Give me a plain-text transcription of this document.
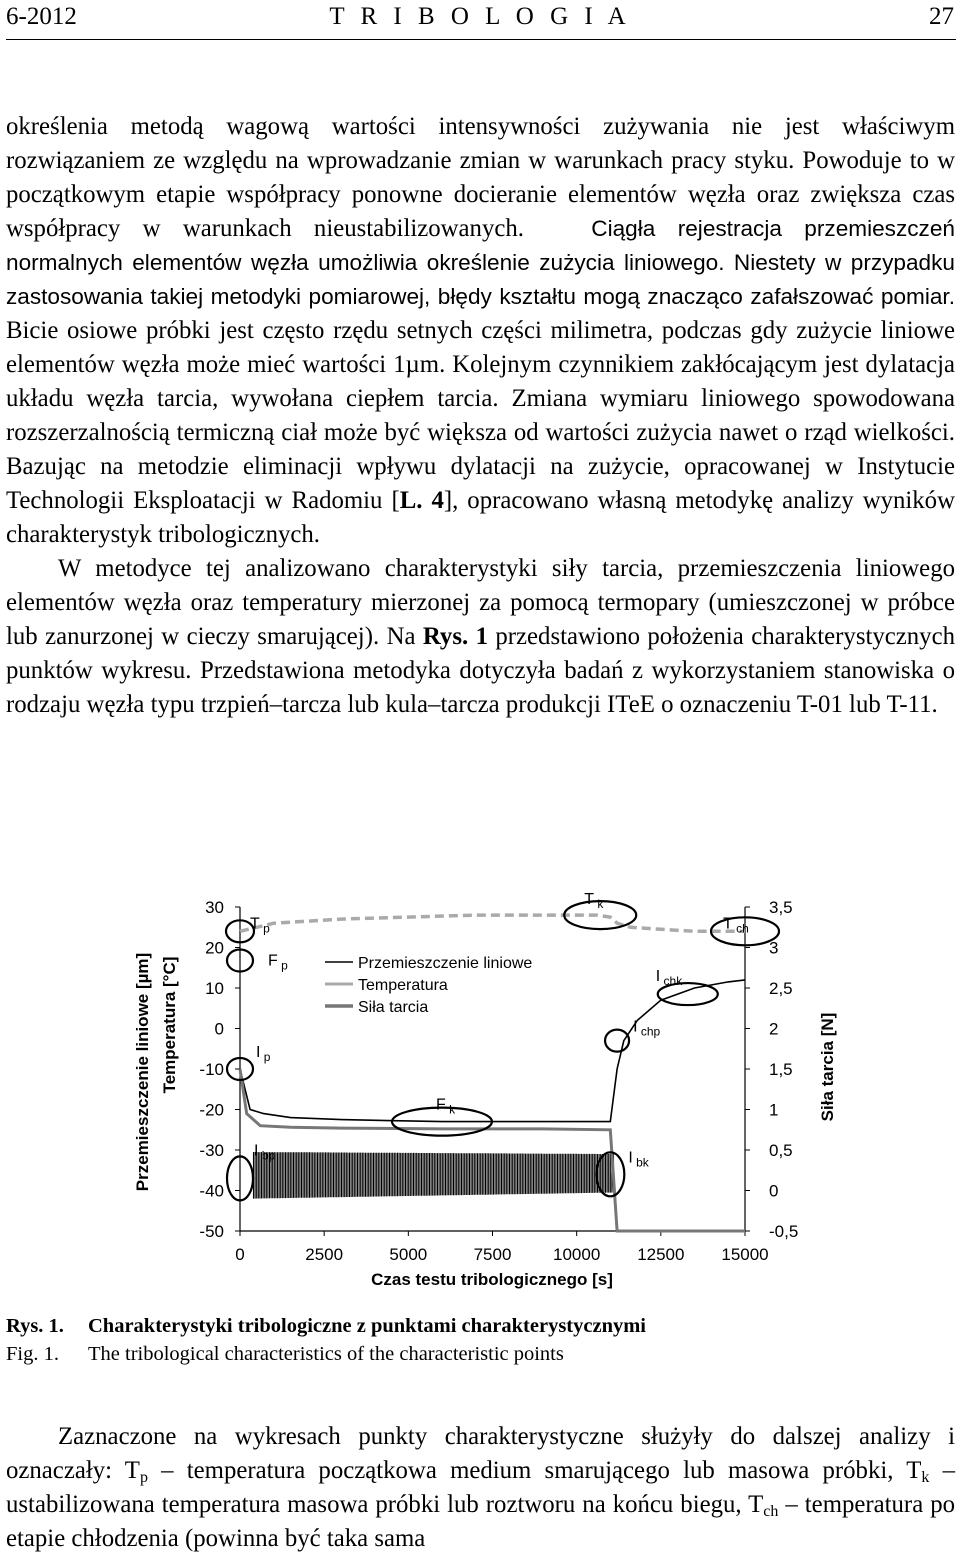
6-2012	T R I B O L O G I A	27

określenia metodą wagową wartości intensywności zużywania nie jest właściwym rozwiązaniem ze względu na wprowadzanie zmian w warunkach pracy styku. Powoduje to w początkowym etapie współpracy ponowne docieranie elementów węzła oraz zwiększa czas współpracy w warunkach nieustabilizowanych.	Ciągła rejestracja przemieszczeń normalnych elementów węzła umożliwia określenie zużycia liniowego. Niestety w przypadku zastosowania takiej metodyki pomiarowej, błędy kształtu mogą znacząco zafałszować pomiar. Bicie osiowe próbki jest często rzędu setnych części milimetra, podczas gdy zużycie liniowe elementów węzła może mieć wartości 1µm. Kolejnym czynnikiem zakłócającym jest dylatacja układu węzła tarcia, wywołana ciepłem tarcia. Zmiana wymiaru liniowego spowodowana rozszerzalnością termiczną ciał może być większa od wartości zużycia nawet o rząd wielkości. Bazując na metodzie eliminacji wpływu dylatacji na zużycie, opracowanej w Instytucie Technologii Eksploatacji w Radomiu [L. 4], opracowano własną metodykę analizy wyników charakterystyk tribologicznych.

W metodyce tej analizowano charakterystyki siły tarcia, przemieszczenia liniowego elementów węzła oraz temperatury mierzonej za pomocą termopary (umieszczonej w próbce lub zanurzonej w cieczy smarującej). Na Rys. 1 przedstawiono położenia charakterystycznych punktów wykresu. Przedstawiona metodyka dotyczyła badań z wykorzystaniem stanowiska o rodzaju węzła typu trzpień–tarcza lub kula–tarcza produkcji ITeE o oznaczeniu T-01 lub T-11.

30
20
10
0
-10
-20
-30
-40
-50
3,5
3
2,5
2
1,5
1
0,5
0
-0,5
0	2500	5000	7500 10000 12500 15000
T $_p$
T $_k$
T $_{ch}$
F $_p$
F $_k$
I $_p$
I $_{bp}$
I $_{chp}$
I $_{bk}$
I $_{chk}$
Przemieszczenie liniowe
Temperatura
Siła tarcia
Czas testu tribologicznego [s]
Przemieszczenie liniowe [µm] Temperatura [°C]	Siła tarcia [N]
Rys. 1. Charakterystyki tribologiczne z punktami charakterystycznymi
Fig. 1. The tribological characteristics of the characteristic points

Zaznaczone na wykresach punkty charakterystyczne służyły do dalszej analizy i oznaczały: $T_p$ – temperatura początkowa medium smarującego lub masowa próbki, $T_k$ – ustabilizowana temperatura masowa próbki lub roztworu na końcu biegu, $T_{ch}$ – temperatura po etapie chłodzenia (powinna być taka sama
